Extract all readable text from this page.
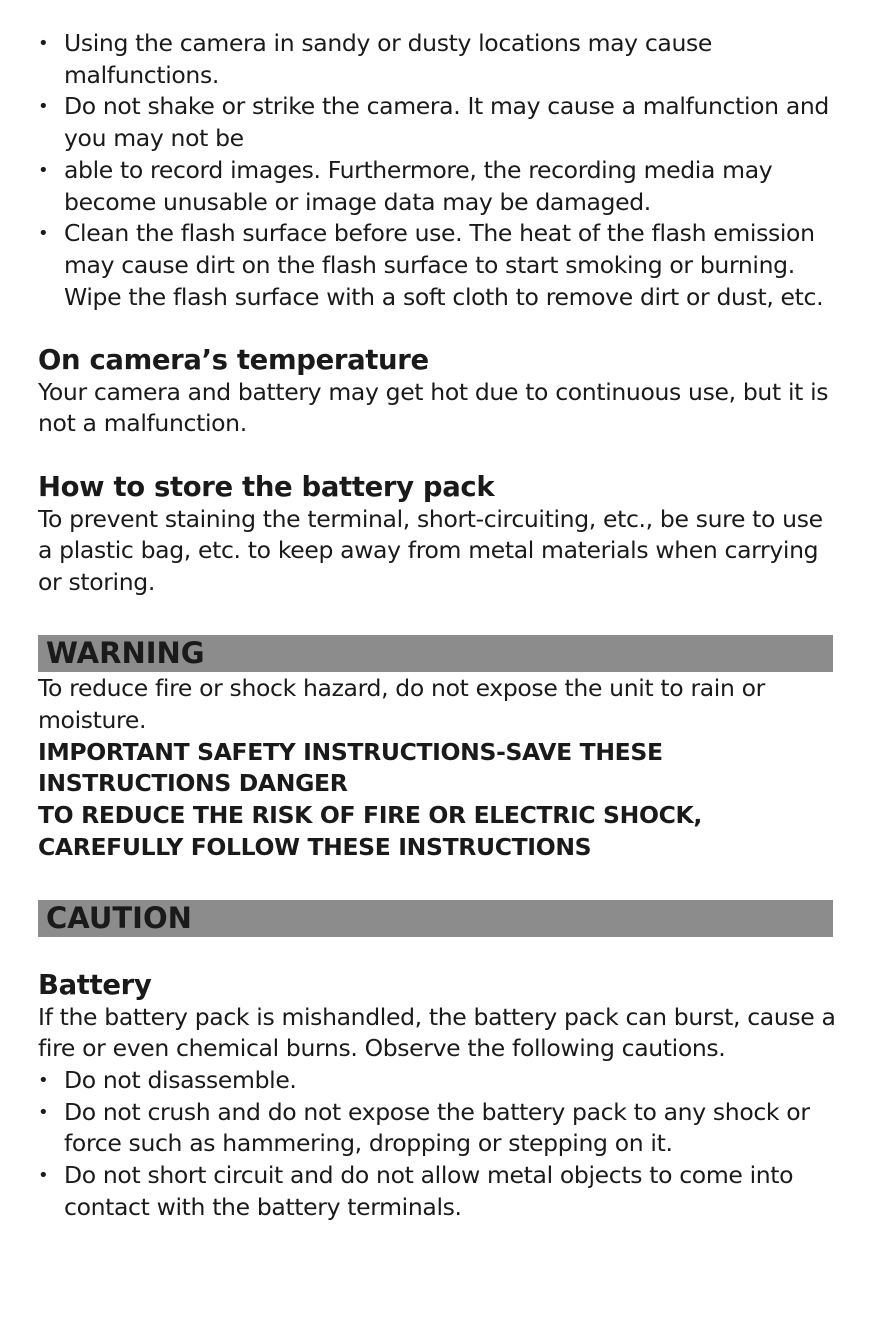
• Using the camera in sandy or dusty locations may cause malfunctions.
• Do not shake or strike the camera. It may cause a malfunction and you may not be
• able to record images. Furthermore, the recording media may become unusable or image data may be damaged.
• Clean the flash surface before use. The heat of the flash emission may cause dirt on the flash surface to start smoking or burning. Wipe the flash surface with a soft cloth to remove dirt or dust, etc.
On camera’s temperature

Your camera and battery may get hot due to continuous use, but it is not a malfunction.

How to store the battery pack

To prevent staining the terminal, short-circuiting, etc., be sure to use a plastic bag, etc. to keep away from metal materials when carrying or storing.

WARNING

To reduce fire or shock hazard, do not expose the unit to rain or moisture.

IMPORTANT SAFETY INSTRUCTIONS-SAVE THESE

INSTRUCTIONS DANGER

TO REDUCE THE RISK OF FIRE OR ELECTRIC SHOCK, CAREFULLY FOLLOW THESE INSTRUCTIONS

CAUTION
Battery

If the battery pack is mishandled, the battery pack can burst, cause a fire or even chemical burns. Observe the following cautions.

• Do not disassemble.
• Do not crush and do not expose the battery pack to any shock or force such as hammering, dropping or stepping on it.
• Do not short circuit and do not allow metal objects to come into contact with the battery terminals.
